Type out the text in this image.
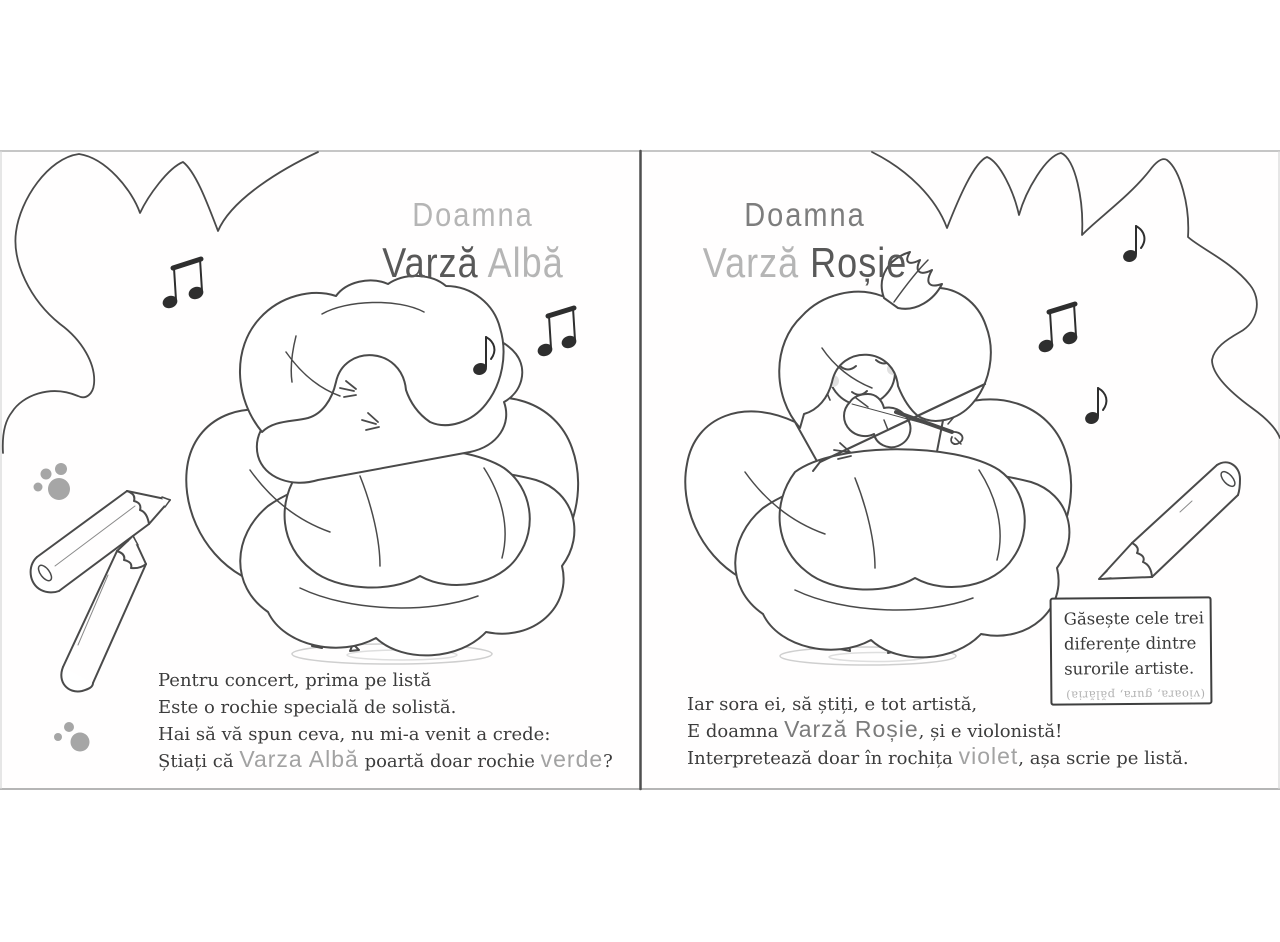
Doamna
Varză Albă
Doamna
Varză Roșie
Pentru concert, prima pe listă
Este o rochie specială de solistă.
Hai să vă spun ceva, nu mi-a venit a crede:
Știați că Varza Albă poartă doar rochie verde?
Iar sora ei, să știți, e tot artistă,
E doamna Varză Roșie, și e violonistă!
Interpretează doar în rochița violet, așa scrie pe listă.
Găsește cele trei
diferențe dintre
surorile artiste.
(vioara, gura, pălăria)
